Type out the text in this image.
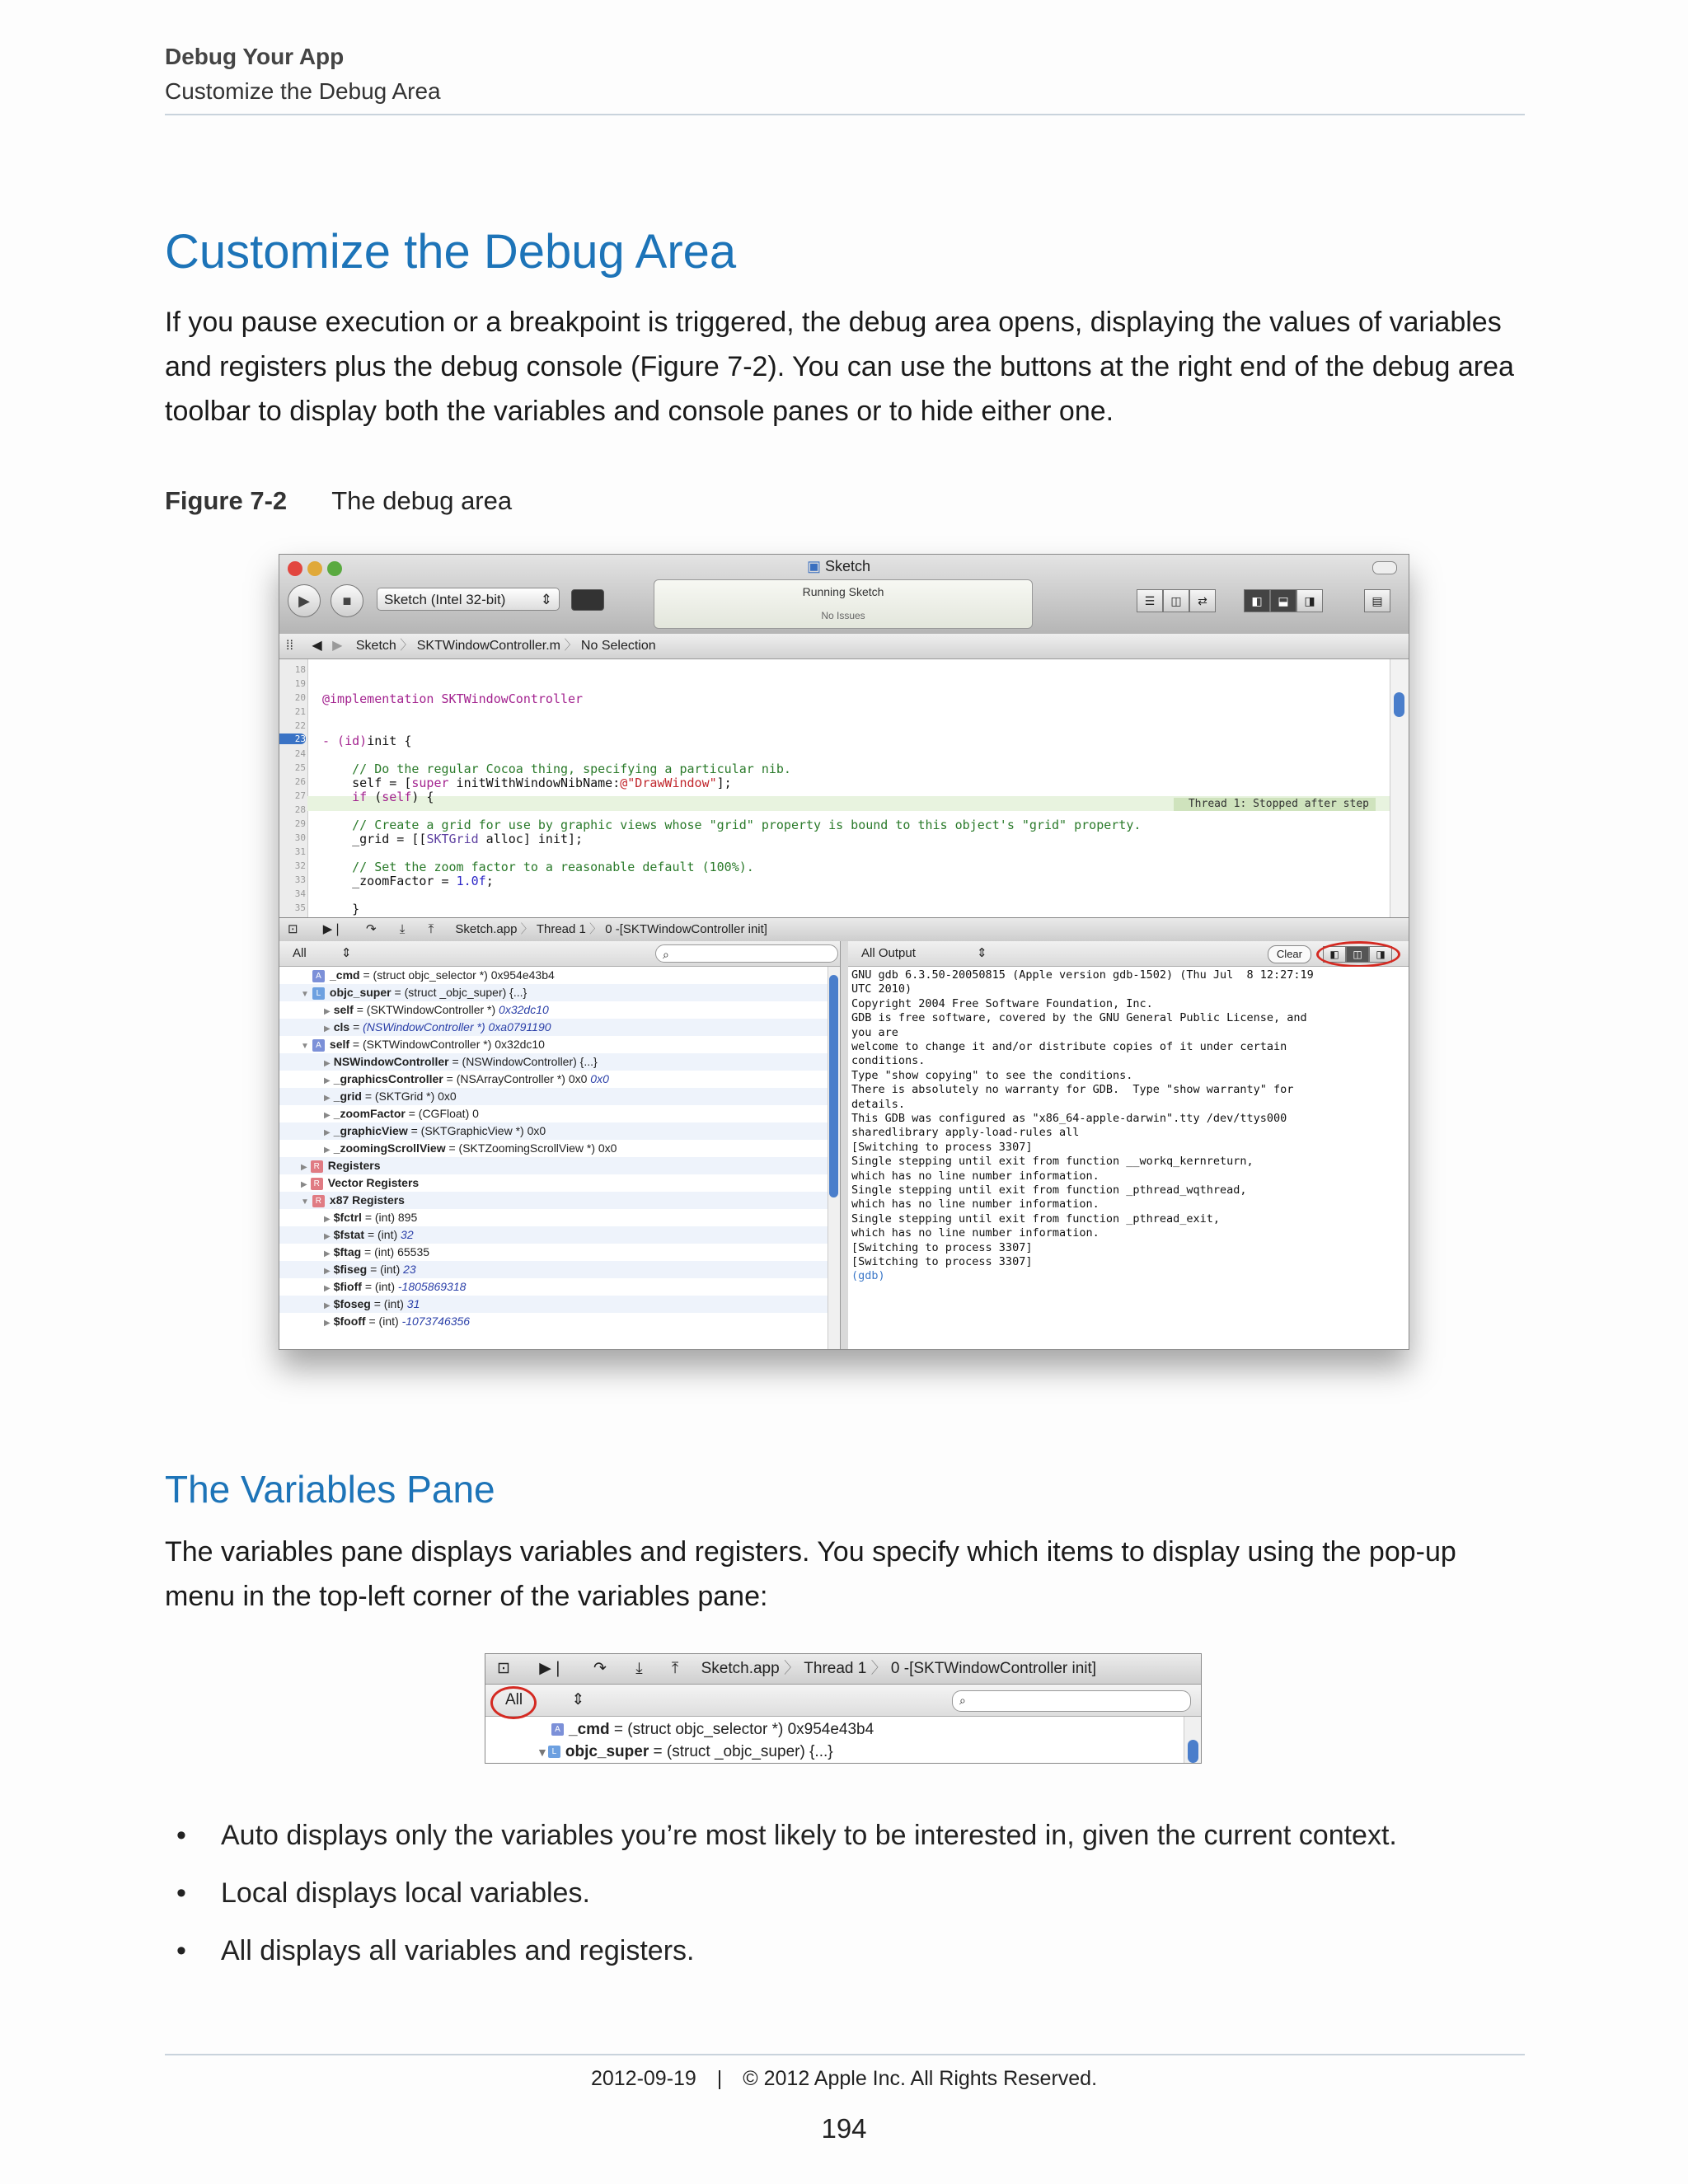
Debug Your App
Customize the Debug Area
Customize the Debug Area

If you pause execution or a breakpoint is triggered, the debug area opens, displaying the values of variables and registers plus the debug console (Figure 7-2). You can use the buttons at the right end of the debug area toolbar to display both the variables and console panes or to hide either one.

Figure 7-2 The debug area
▣ Sketch
▶	■	Sketch (Intel 32-bit) ⇕	Running Sketch
No Issues
☰	◫	⇄	◧	⬓	◨	▤
⁞⁞ ◀ ▶ Sketch 〉 SKTWindowController.m 〉 No Selection
18
19
20
21
22
23
24
25
26
27
28
29
30
31
32
33
34
35
Thread 1: Stopped after step
@implementation SKTWindowController
- (id)init {
// Do the regular Cocoa thing, specifying a particular nib.
self = [super initWithWindowNibName:@"DrawWindow"];
if (self) {
// Create a grid for use by graphic views whose "grid" property is bound to this object's "grid" property.
_grid = [[SKTGrid alloc] init];
// Set the zoom factor to a reasonable default (100%).
_zoomFactor = 1.0f;
}
⊡ ▶❘ ↷ ⤓ ⤒ Sketch.app 〉 Thread 1 〉 0 -[SKTWindowController init]
All	⇕	⌕
A _cmd = (struct objc_selector *) 0x954e43b4
▼ L objc_super = (struct _objc_super) {...}
▶ self = (SKTWindowController *) 0x32dc10
▶ cls = (NSWindowController *) 0xa0791190
▼ A self = (SKTWindowController *) 0x32dc10
▶ NSWindowController = (NSWindowController) {...}
▶ _graphicsController = (NSArrayController *) 0x0 0x0
▶ _grid = (SKTGrid *) 0x0
▶ _zoomFactor = (CGFloat) 0
▶ _graphicView = (SKTGraphicView *) 0x0
▶ _zoomingScrollView = (SKTZoomingScrollView *) 0x0
▶ R Registers
▶ R Vector Registers
▼ R x87 Registers
▶ $fctrl = (int) 895
▶ $fstat = (int) 32
▶ $ftag = (int) 65535
▶ $fiseg = (int) 23
▶ $fioff = (int) -1805869318
▶ $foseg = (int) 31
▶ $fooff = (int) -1073746356
All Output	⇕	Clear	◧	◫	◨
GNU gdb 6.3.50-20050815 (Apple version gdb-1502) (Thu Jul  8 12:27:19
UTC 2010)
Copyright 2004 Free Software Foundation, Inc.
GDB is free software, covered by the GNU General Public License, and
you are
welcome to change it and/or distribute copies of it under certain
conditions.
Type "show copying" to see the conditions.
There is absolutely no warranty for GDB.  Type "show warranty" for
details.
This GDB was configured as "x86_64-apple-darwin".tty /dev/ttys000
sharedlibrary apply-load-rules all
[Switching to process 3307]
Single stepping until exit from function __workq_kernreturn,
which has no line number information.
Single stepping until exit from function _pthread_wqthread,
which has no line number information.
Single stepping until exit from function _pthread_exit,
which has no line number information.
[Switching to process 3307]
[Switching to process 3307]
(gdb)
The Variables Pane

The variables pane displays variables and registers. You specify which items to display using the pop-up menu in the top-left corner of the variables pane:

⊡ ▶❘ ↷ ⤓ ⤒ Sketch.app 〉 Thread 1 〉 0 -[SKTWindowController init]
All	⇕	⌕
A _cmd = (struct objc_selector *) 0x954e43b4
▼ L objc_super = (struct _objc_super) {...}
• Auto displays only the variables you’re most likely to be interested in, given the current context.
• Local displays local variables.
• All displays all variables and registers.
2012-09-19 | © 2012 Apple Inc. All Rights Reserved.
194
